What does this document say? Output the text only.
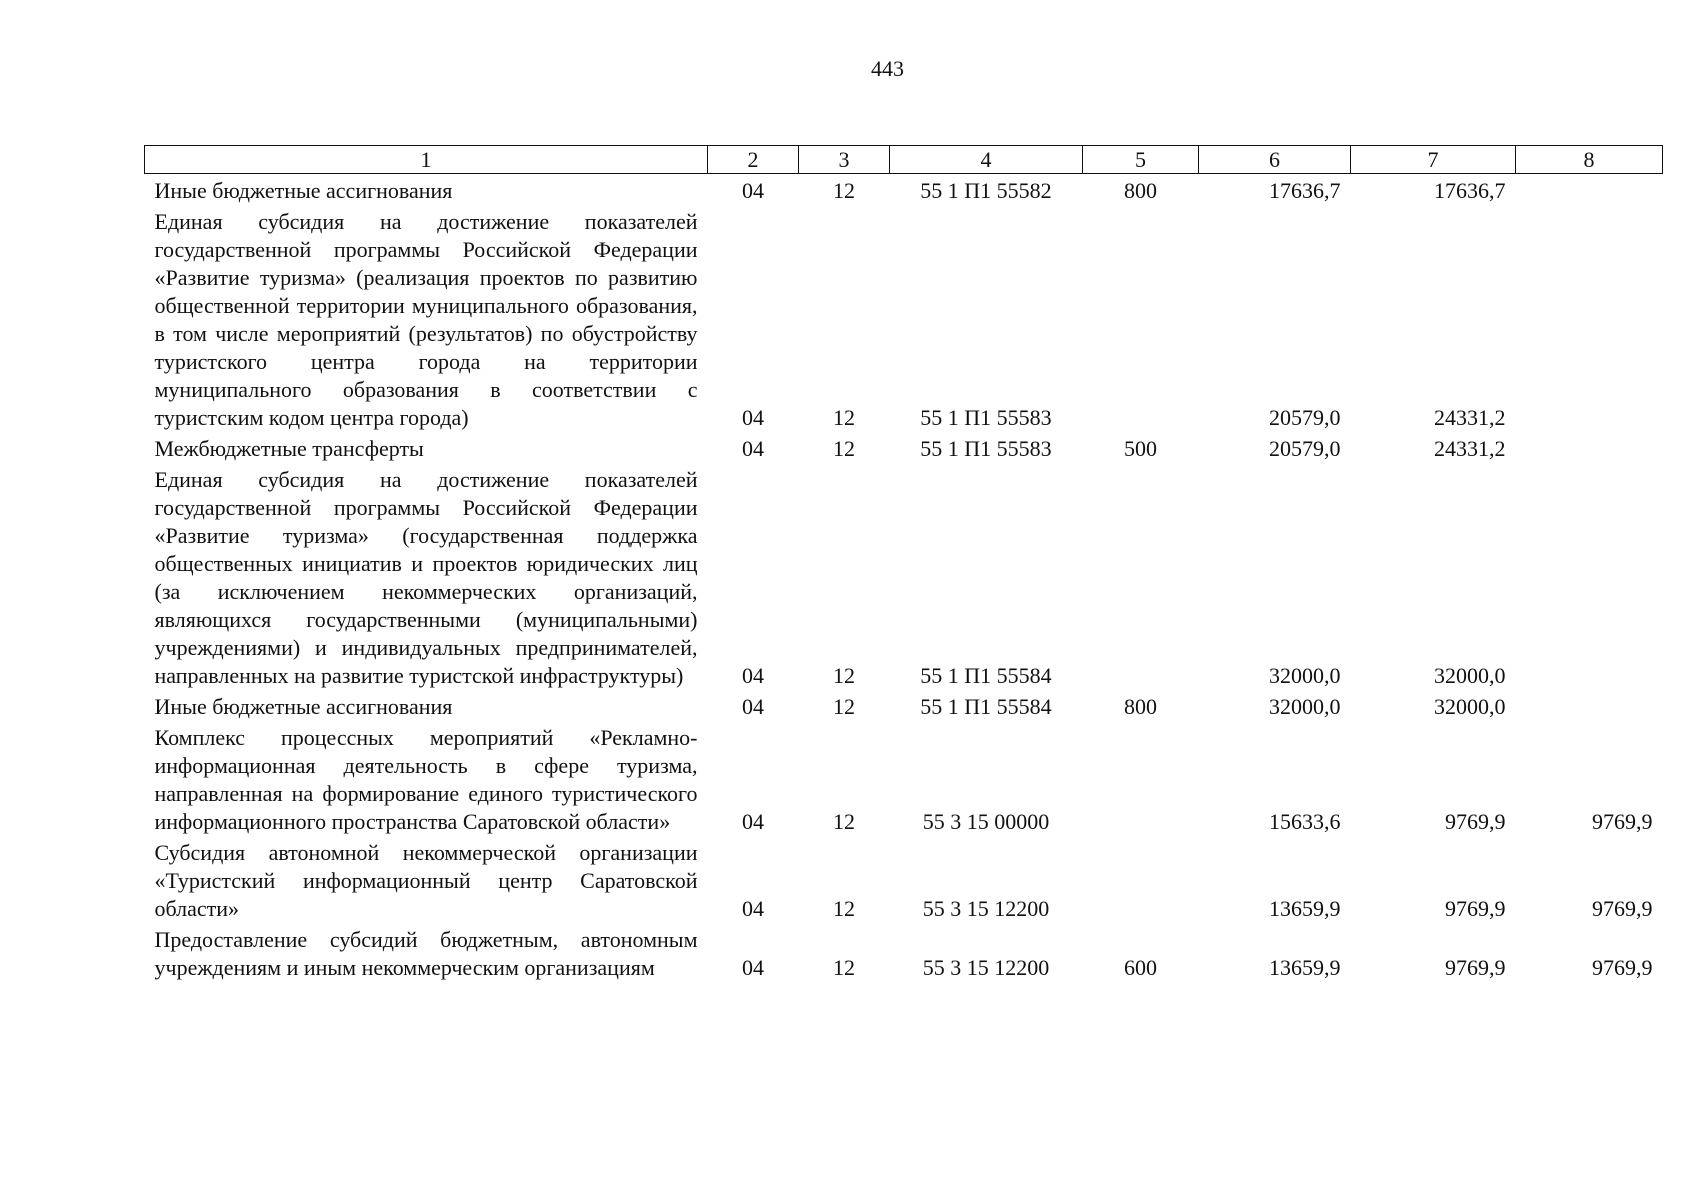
443
1	2	3	4	5	6	7	8
Иные бюджетные ассигнования	04	12	55 1 П1 55582	800	17636,7	17636,7	
Единая субсидия на достижение показателей государственной программы Российской Федерации «Развитие туризма» (реализация проектов по развитию общественной территории муниципального образования, в том числе мероприятий (результатов) по обустройству туристского центра города на территории муниципального образования в соответствии с туристским кодом центра города)	04	12	55 1 П1 55583		20579,0	24331,2	
Межбюджетные трансферты	04	12	55 1 П1 55583	500	20579,0	24331,2	
Единая субсидия на достижение показателей государственной программы Российской Федерации «Развитие туризма» (государственная поддержка общественных инициатив и проектов юридических лиц (за исключением некоммерческих организаций, являющихся государственными (муниципальными) учреждениями) и индивидуальных предпринимателей, направленных на развитие туристской инфраструктуры)	04	12	55 1 П1 55584		32000,0	32000,0	
Иные бюджетные ассигнования	04	12	55 1 П1 55584	800	32000,0	32000,0	
Комплекс процессных мероприятий «Рекламно-информационная деятельность в сфере туризма, направленная на формирование единого туристического информационного пространства Саратовской области»	04	12	55 3 15 00000		15633,6	9769,9	9769,9
Субсидия автономной некоммерческой организации «Туристский информационный центр Саратовской области»	04	12	55 3 15 12200		13659,9	9769,9	9769,9
Предоставление субсидий бюджетным, автономным учреждениям и иным некоммерческим организациям	04	12	55 3 15 12200	600	13659,9	9769,9	9769,9
